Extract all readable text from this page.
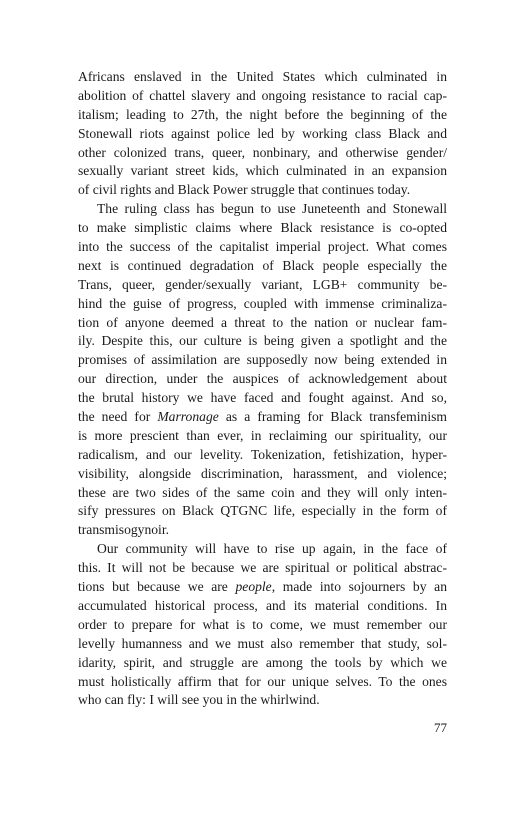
Africans enslaved in the United States which culminated in
abolition of chattel slavery and ongoing resistance to racial cap-
italism; leading to 27th, the night before the beginning of the
Stonewall riots against police led by working class Black and
other colonized trans, queer, nonbinary, and otherwise gender/
sexually variant street kids, which culminated in an expansion
of civil rights and Black Power struggle that continues today.
The ruling class has begun to use Juneteenth and Stonewall
to make simplistic claims where Black resistance is co-opted
into the success of the capitalist imperial project. What comes
next is continued degradation of Black people especially the
Trans, queer, gender/sexually variant, LGB+ community be-
hind the guise of progress, coupled with immense criminaliza-
tion of anyone deemed a threat to the nation or nuclear fam-
ily. Despite this, our culture is being given a spotlight and the
promises of assimilation are supposedly now being extended in
our direction, under the auspices of acknowledgement about
the brutal history we have faced and fought against. And so,
the need for Marronage as a framing for Black transfeminism
is more prescient than ever, in reclaiming our spirituality, our
radicalism, and our levelity. Tokenization, fetishization, hyper-
visibility, alongside discrimination, harassment, and violence;
these are two sides of the same coin and they will only inten-
sify pressures on Black QTGNC life, especially in the form of
transmisogynoir.
Our community will have to rise up again, in the face of
this. It will not be because we are spiritual or political abstrac-
tions but because we are people, made into sojourners by an
accumulated historical process, and its material conditions. In
order to prepare for what is to come, we must remember our
levelly humanness and we must also remember that study, sol-
idarity, spirit, and struggle are among the tools by which we
must holistically affirm that for our unique selves. To the ones
who can fly: I will see you in the whirlwind.
77
